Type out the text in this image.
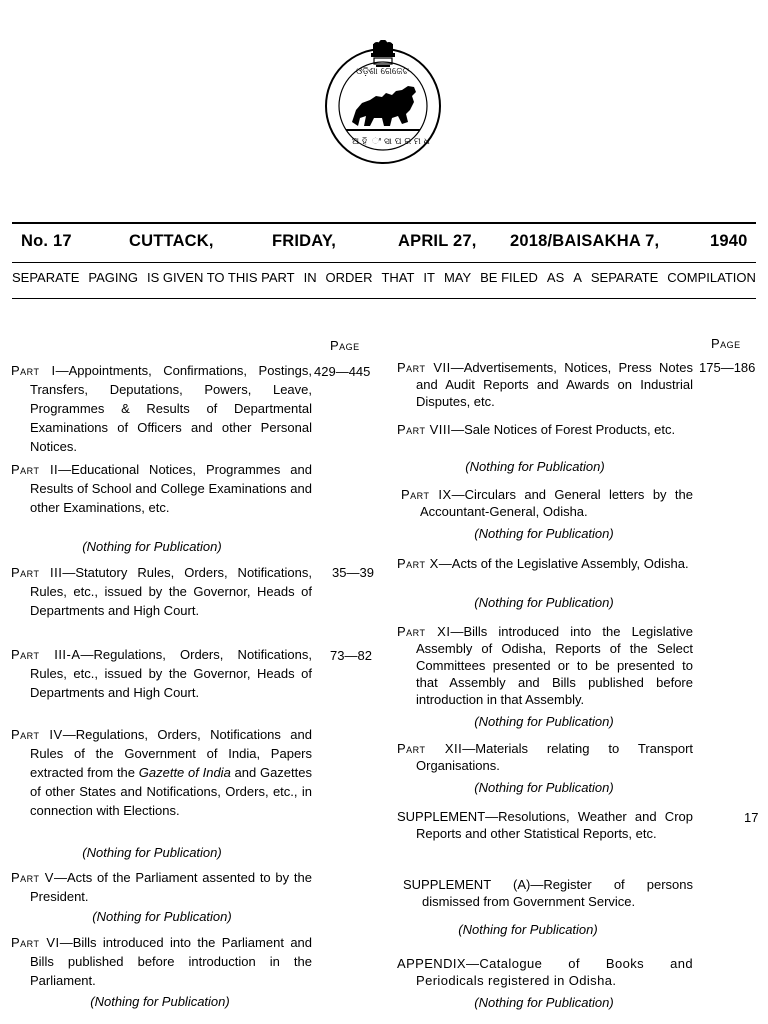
ଓଡ଼ିଶା ଗେଜେଟ
ଅ ହି ଂ ସା ପ ର ମ ଧ
No. 17	CUTTACK,	FRIDAY,	APRIL 27, 2018/BAISAKHA 7,	1940
SEPARATE PAGING IS GIVEN TO THIS PART IN ORDER THAT IT MAY BE FILED AS A SEPARATE COMPILATION
Page	Page
Part I—Appointments, Confirmations, Postings, Transfers, Deputations, Powers, Leave, Programmes & Results of Departmental Examinations of Officers and other Personal Notices.
429—445
Part II—Educational Notices, Programmes and Results of School and College Examinations and other Examinations, etc.
(Nothing for Publication)
Part III—Statutory Rules, Orders, Notifications, Rules, etc., issued by the Governor, Heads of Departments and High Court.
35—39
Part III-A—Regulations, Orders, Notifications, Rules, etc., issued by the Governor, Heads of Departments and High Court.
73—82
Part IV—Regulations, Orders, Notifications and Rules of the Government of India, Papers extracted from the Gazette of India and Gazettes of other States and Notifications, Orders, etc., in connection with Elections.
(Nothing for Publication)
Part V—Acts of the Parliament assented to by the President.
(Nothing for Publication)
Part VI—Bills introduced into the Parliament and Bills published before introduction in the Parliament.
(Nothing for Publication)
Part VII—Advertisements, Notices, Press Notes and Audit Reports and Awards on Industrial Disputes, etc.
175—186
Part VIII—Sale Notices of Forest Products, etc.
(Nothing for Publication)
Part IX—Circulars and General letters by the Accountant-General, Odisha.
(Nothing for Publication)
Part X—Acts of the Legislative Assembly, Odisha.
(Nothing for Publication)
Part XI—Bills introduced into the Legislative Assembly of Odisha, Reports of the Select Committees presented or to be presented to that Assembly and Bills published before introduction in that Assembly.
(Nothing for Publication)
Part XII—Materials relating to Transport Organisations.
(Nothing for Publication)
SUPPLEMENT—Resolutions, Weather and Crop Reports and other Statistical Reports, etc.
17
SUPPLEMENT (A)—Register of persons dismissed from Government Service.
(Nothing for Publication)
APPENDIX—Catalogue of Books and Periodicals registered in Odisha.
(Nothing for Publication)
